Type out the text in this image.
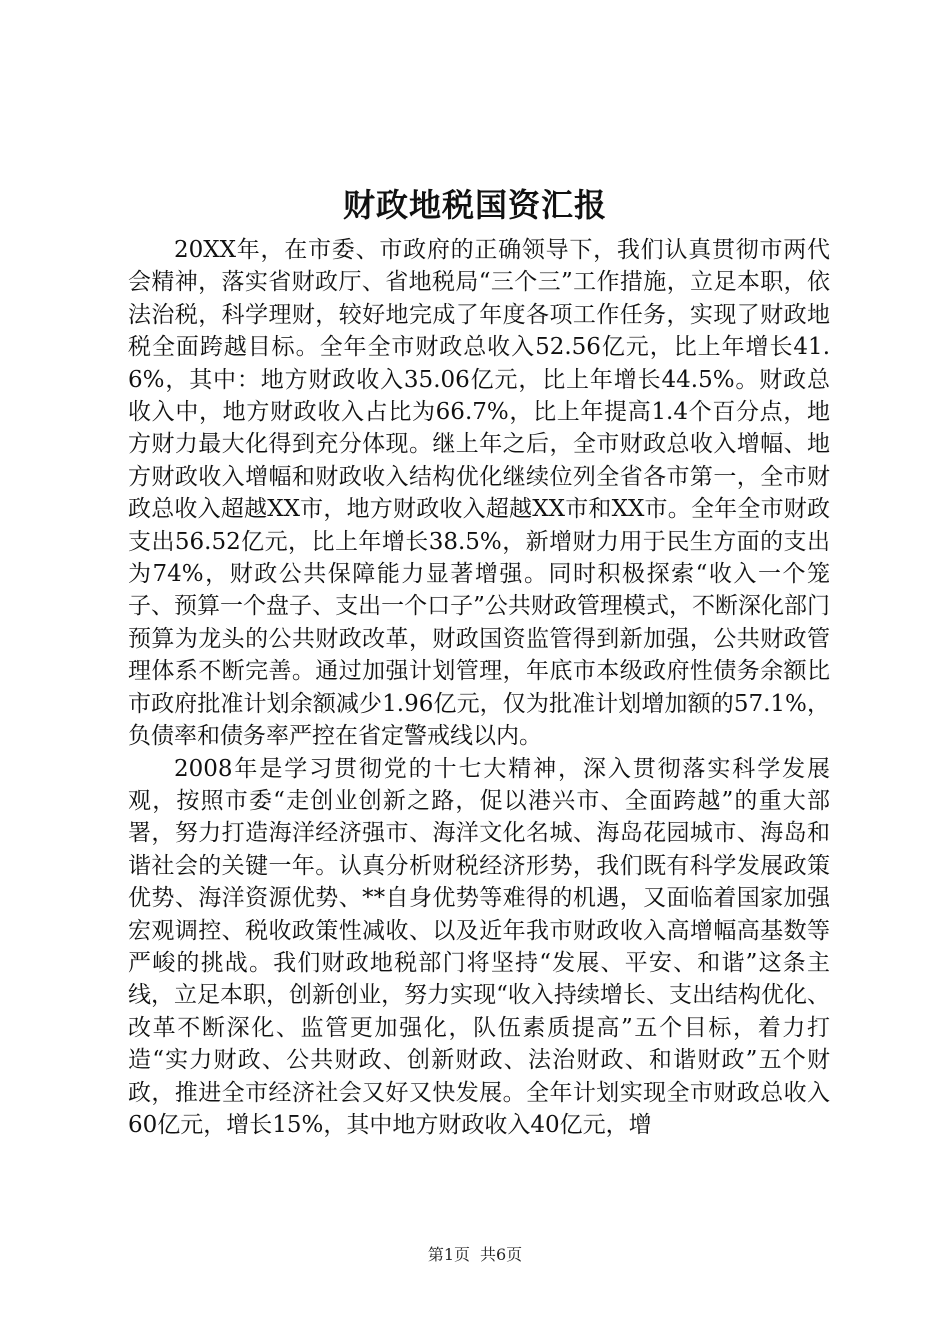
财政地税国资汇报

20XX年，在市委、市政府的正确领导下，我们认真贯彻市两代会精神，落实省财政厅、省地税局“三个三”工作措施，立足本职，依法治税，科学理财，较好地完成了年度各项工作任务，实现了财政地税全面跨越目标。全年全市财政总收入52.56亿元，比上年增长41.6%，其中：地方财政收入35.06亿元，比上年增长44.5%。财政总收入中，地方财政收入占比为66.7%，比上年提高1.4个百分点，地方财力最大化得到充分体现。继上年之后，全市财政总收入增幅、地方财政收入增幅和财政收入结构优化继续位列全省各市第一，全市财政总收入超越XX市，地方财政收入超越XX市和XX市。全年全市财政支出56.52亿元，比上年增长38.5%，新增财力用于民生方面的支出为74%，财政公共保障能力显著增强。同时积极探索“收入一个笼子、预算一个盘子、支出一个口子”公共财政管理模式，不断深化部门预算为龙头的公共财政改革，财政国资监管得到新加强，公共财政管理体系不断完善。通过加强计划管理，年底市本级政府性债务余额比市政府批准计划余额减少1.96亿元，仅为批准计划增加额的57.1%，负债率和债务率严控在省定警戒线以内。

2008年是学习贯彻党的十七大精神，深入贯彻落实科学发展观，按照市委“走创业创新之路，促以港兴市、全面跨越”的重大部署，努力打造海洋经济强市、海洋文化名城、海岛花园城市、海岛和谐社会的关键一年。认真分析财税经济形势，我们既有科学发展政策优势、海洋资源优势、**自身优势等难得的机遇，又面临着国家加强宏观调控、税收政策性减收、以及近年我市财政收入高增幅高基数等严峻的挑战。我们财政地税部门将坚持“发展、平安、和谐”这条主线，立足本职，创新创业，努力实现“收入持续增长、支出结构优化、改革不断深化、监管更加强化，队伍素质提高”五个目标，着力打造“实力财政、公共财政、创新财政、法治财政、和谐财政”五个财政，推进全市经济社会又好又快发展。全年计划实现全市财政总收入60亿元，增长15%，其中地方财政收入40亿元，增

第1页 共6页
